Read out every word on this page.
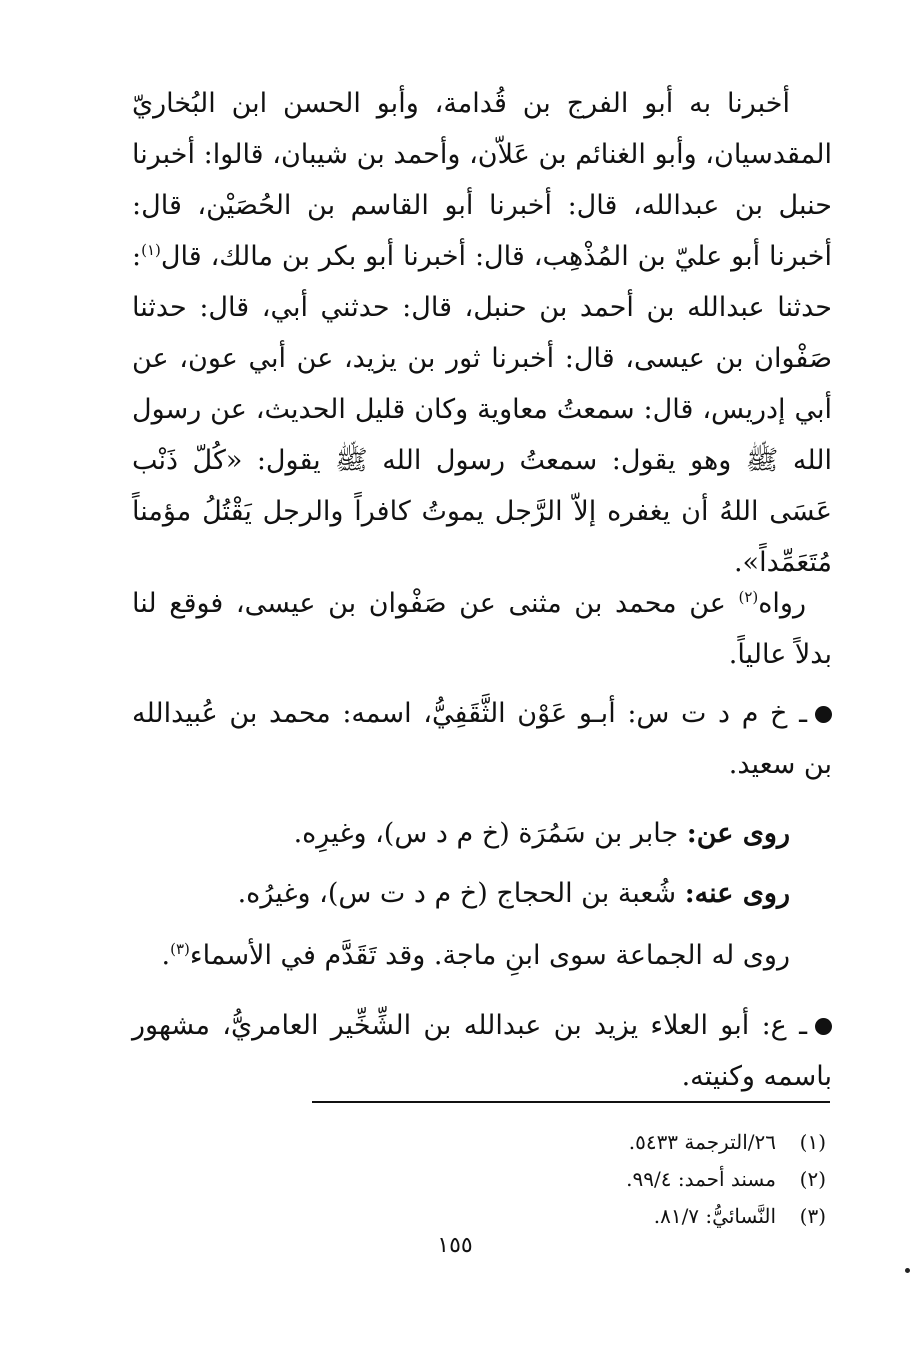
أخبرنا به أبو الفرج بن قُدامة، وأبو الحسن ابن البُخاريّ المقدسيان، وأبو الغنائم بن عَلاّن، وأحمد بن شيبان، قالوا: أخبرنا حنبل بن عبدالله، قال: أخبرنا أبو القاسم بن الحُصَيْن، قال: أخبرنا أبو عليّ بن المُذْهِب، قال: أخبرنا أبو بكر بن مالك، قال$^{(١)}$: حدثنا عبدالله بن أحمد بن حنبل، قال: حدثني أبي، قال: حدثنا صَفْوان بن عيسى، قال: أخبرنا ثور بن يزيد، عن أبي عون، عن أبي إدريس، قال: سمعتُ معاوية وكان قليل الحديث، عن رسول الله ﷺ وهو يقول: سمعتُ رسول الله ﷺ يقول: «كُلّ ذَنْب عَسَى اللهُ أن يغفره إلاّ الرَّجل يموتُ كافراً والرجل يَقْتُلُ مؤمناً مُتَعَمِّداً».

رواه$^{(٢)}$ عن محمد بن مثنى عن صَفْوان بن عيسى، فوقع لنا بدلاً عالياً.

ـ خ م د ت س: أبـو عَوْن الثَّقَفِيُّ، اسمه: محمد بن عُبيدالله بن سعيد.

روى عن: جابر بن سَمُرَة (خ م د س)، وغيرِه.

روى عنه: شُعبة بن الحجاج (خ م د ت س)، وغيرُه.

روى له الجماعة سوى ابنِ ماجة. وقد تَقَدَّم في الأسماء$^{(٣)}$.

ـ ع: أبو العلاء يزيد بن عبدالله بن الشِّخِّير العامريُّ، مشهور باسمه وكنيته.

(١)
٢٦/الترجمة ٥٤٣٣.
(٢)
مسند أحمد: ٩٩/٤.
(٣)
النَّسائيُّ: ٨١/٧.
١٥٥
